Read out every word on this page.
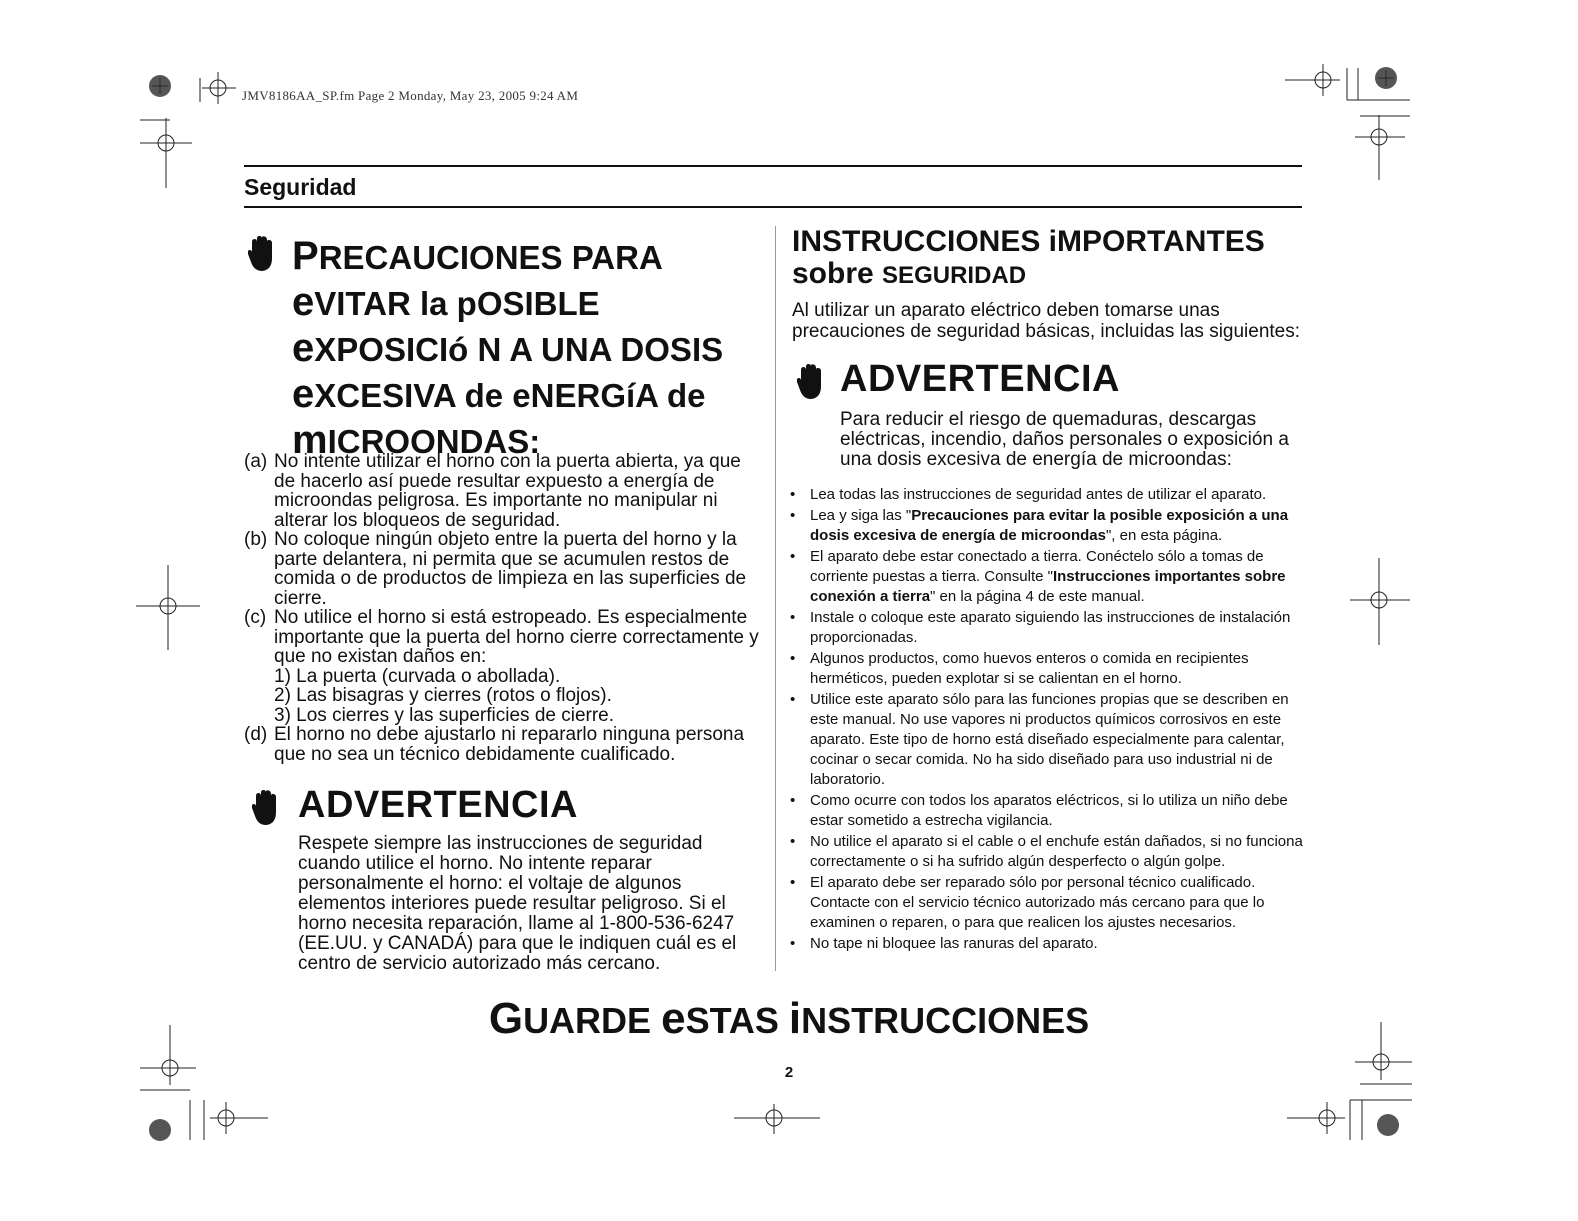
JMV8186AA_SP.fm Page 2 Monday, May 23, 2005 9:24 AM
Seguridad
PRECAUCIONES PARA
eVITAR la pOSIBLE
eXPOSICIó N A UNA DOSIS
eXCESIVA de eNERGíA de
mICROONDAS:
(a) No intente utilizar el horno con la puerta abierta, ya que de hacerlo así puede resultar expuesto a energía de microondas peligrosa. Es importante no manipular ni alterar los bloqueos de seguridad.
(b) No coloque ningún objeto entre la puerta del horno y la parte delantera, ni permita que se acumulen restos de comida o de productos de limpieza en las superficies de cierre.
(c) No utilice el horno si está estropeado. Es especialmente importante que la puerta del horno cierre correctamente y que no existan daños en:
1) La puerta (curvada o abollada).
2) Las bisagras y cierres (rotos o flojos).
3) Los cierres y las superficies de cierre.
(d) El horno no debe ajustarlo ni repararlo ninguna persona que no sea un técnico debidamente cualificado.
ADVERTENCIA
Respete siempre las instrucciones de seguridad cuando utilice el horno. No intente reparar personalmente el horno: el voltaje de algunos elementos interiores puede resultar peligroso. Si el horno necesita reparación, llame al 1-800-536-6247 (EE.UU. y CANADÁ) para que le indiquen cuál es el centro de servicio autorizado más cercano.
INSTRUCCIONES iMPORTANTES
sobre SEGURIDAD
Al utilizar un aparato eléctrico deben tomarse unas precauciones de seguridad básicas, incluidas las siguientes:
ADVERTENCIA
Para reducir el riesgo de quemaduras, descargas eléctricas, incendio, daños personales o exposición a una dosis excesiva de energía de microondas:
• Lea todas las instrucciones de seguridad antes de utilizar el aparato.
• Lea y siga las "Precauciones para evitar la posible exposición a una dosis excesiva de energía de microondas", en esta página.
• El aparato debe estar conectado a tierra. Conéctelo sólo a tomas de corriente puestas a tierra. Consulte "Instrucciones importantes sobre conexión a tierra" en la página 4 de este manual.
• Instale o coloque este aparato siguiendo las instrucciones de instalación proporcionadas.
• Algunos productos, como huevos enteros o comida en recipientes herméticos, pueden explotar si se calientan en el horno.
• Utilice este aparato sólo para las funciones propias que se describen en este manual. No use vapores ni productos químicos corrosivos en este aparato. Este tipo de horno está diseñado especialmente para calentar, cocinar o secar comida. No ha sido diseñado para uso industrial ni de laboratorio.
• Como ocurre con todos los aparatos eléctricos, si lo utiliza un niño debe estar sometido a estrecha vigilancia.
• No utilice el aparato si el cable o el enchufe están dañados, si no funciona correctamente o si ha sufrido algún desperfecto o algún golpe.
• El aparato debe ser reparado sólo por personal técnico cualificado. Contacte con el servicio técnico autorizado más cercano para que lo examinen o reparen, o para que realicen los ajustes necesarios.
• No tape ni bloquee las ranuras del aparato.
GUARDE eSTAS iNSTRUCCIONES
2
